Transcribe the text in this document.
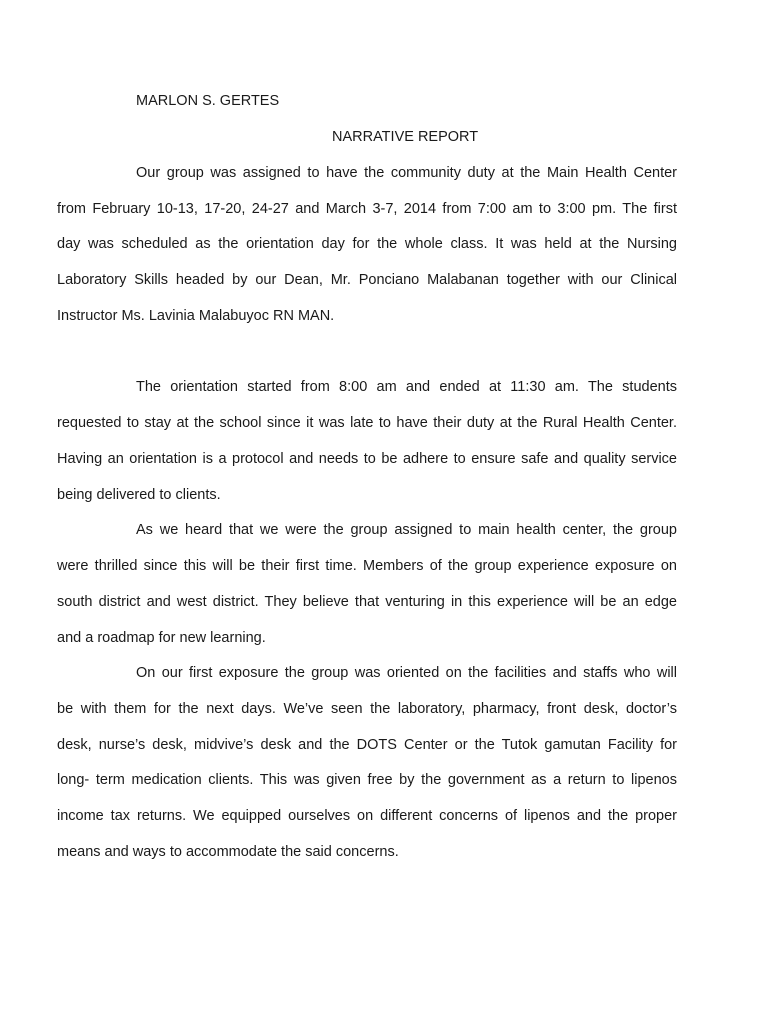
MARLON S. GERTES

NARRATIVE REPORT

Our group was assigned to have the community duty at the Main Health Center

from February 10-13, 17-20, 24-27 and March 3-7, 2014 from 7:00 am to 3:00 pm. The first

day was scheduled as the orientation day for the whole class. It was held at the Nursing

Laboratory Skills headed by our Dean, Mr. Ponciano Malabanan together with our Clinical

Instructor Ms. Lavinia Malabuyoc RN MAN.

The orientation started from 8:00 am and ended at 11:30 am. The students

requested to stay at the school since it was late to have their duty at the Rural Health Center.

Having an orientation is a protocol and needs to be adhere to ensure safe and quality service

being delivered to clients.

As we heard that we were the group assigned to main health center, the group

were thrilled since this will be their first time. Members of the group experience exposure on

south district and west district. They believe that venturing in this experience will be an edge

and a roadmap for new learning.

On our first exposure the group was oriented on the facilities and staffs who will

be with them for the next days. We’ve seen the laboratory, pharmacy, front desk, doctor’s

desk, nurse’s desk, midvive’s desk and the DOTS Center or the Tutok gamutan Facility for

long- term medication clients. This was given free by the government as a return to lipenos

income tax returns. We equipped ourselves on different concerns of lipenos and the proper

means and ways to accommodate the said concerns.
